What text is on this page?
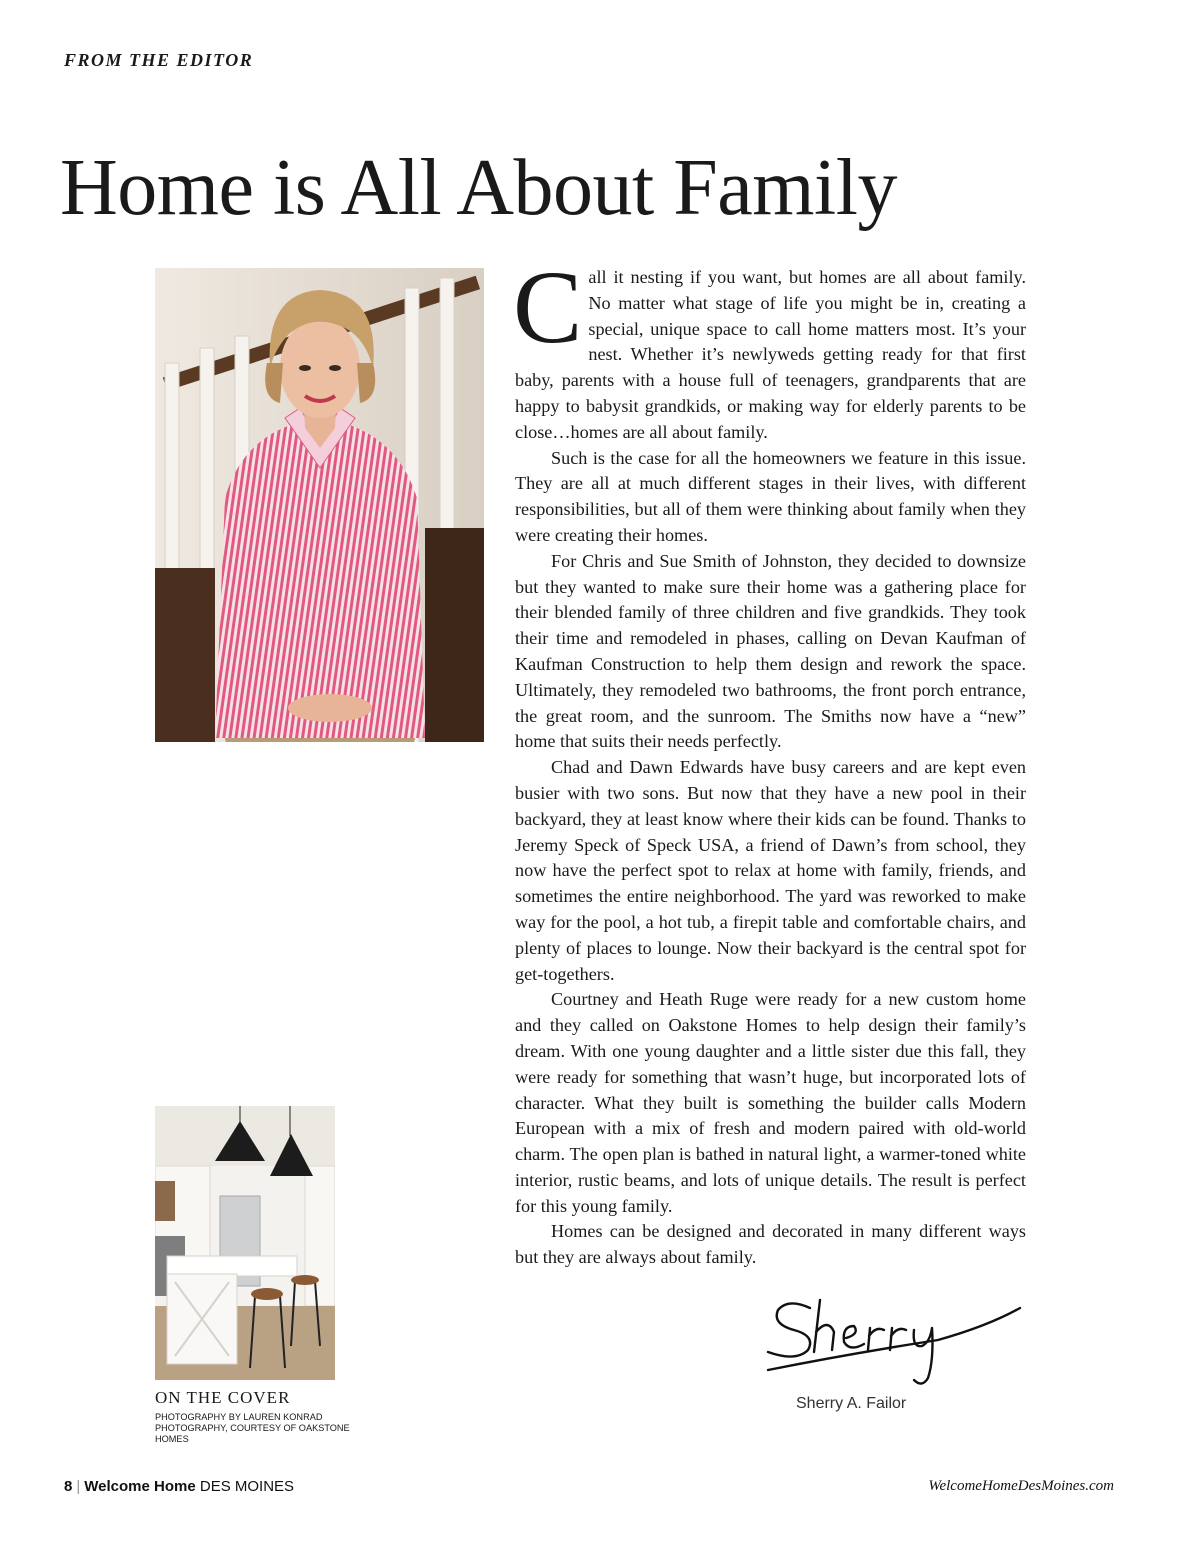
FROM THE EDITOR
Home is All About Family

Call it nesting if you want, but homes are all about family. No matter what stage of life you might be in, creating a special, unique space to call home matters most. It’s your nest. Whether it’s newlyweds getting ready for that first baby, parents with a house full of teenagers, grandparents that are happy to babysit grandkids, or making way for elderly parents to be close…homes are all about family.

Such is the case for all the homeowners we feature in this issue. They are all at much different stages in their lives, with different responsibilities, but all of them were thinking about family when they were creating their homes.

For Chris and Sue Smith of Johnston, they decided to downsize but they wanted to make sure their home was a gathering place for their blended family of three children and five grandkids. They took their time and remodeled in phases, calling on Devan Kaufman of Kaufman Construction to help them design and rework the space. Ultimately, they remodeled two bathrooms, the front porch entrance, the great room, and the sunroom. The Smiths now have a “new” home that suits their needs perfectly.

Chad and Dawn Edwards have busy careers and are kept even busier with two sons. But now that they have a new pool in their backyard, they at least know where their kids can be found. Thanks to Jeremy Speck of Speck USA, a friend of Dawn’s from school, they now have the perfect spot to relax at home with family, friends, and sometimes the entire neighborhood. The yard was reworked to make way for the pool, a hot tub, a firepit table and comfortable chairs, and plenty of places to lounge. Now their backyard is the central spot for get-togethers.

Courtney and Heath Ruge were ready for a new custom home and they called on Oakstone Homes to help design their family’s dream. With one young daughter and a little sister due this fall, they were ready for something that wasn’t huge, but incorporated lots of character. What they built is something the builder calls Modern European with a mix of fresh and modern paired with old-world charm. The open plan is bathed in natural light, a warmer-toned white interior, rustic beams, and lots of unique details. The result is perfect for this young family.

Homes can be designed and decorated in many different ways but they are always about family.

ON THE COVER
PHOTOGRAPHY BY LAUREN KONRAD PHOTOGRAPHY, COURTESY OF OAKSTONE HOMES
Sherry A. Failor
8 | Welcome Home DES MOINES	WelcomeHomeDesMoines.com
